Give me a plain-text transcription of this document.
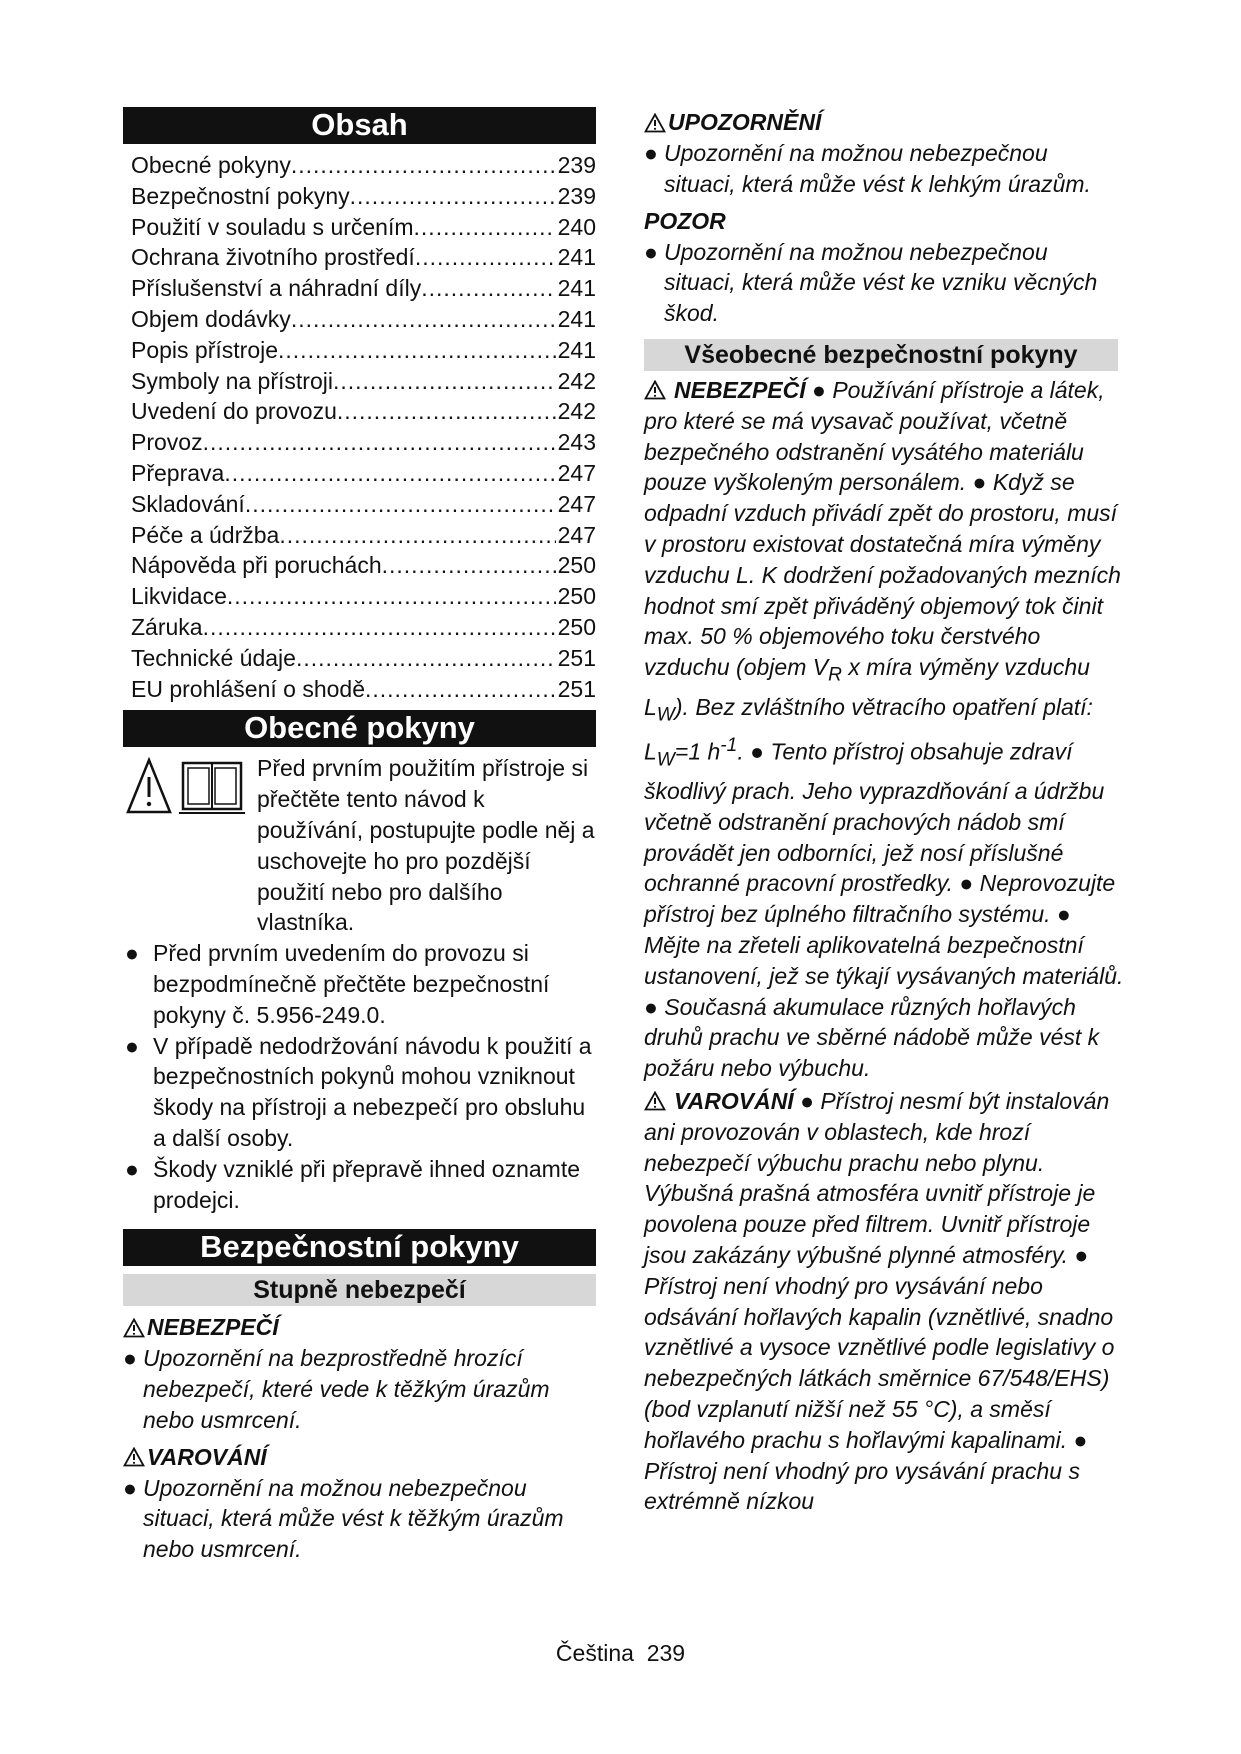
Obsah
Obecné pokyny .....	239
Bezpečnostní pokyny .....	239
Použití v souladu s určením .....	240
Ochrana životního prostředí .....	241
Příslušenství a náhradní díly .....	241
Objem dodávky .....	241
Popis přístroje .....	241
Symboly na přístroji .....	242
Uvedení do provozu .....	242
Provoz .....	243
Přeprava .....	247
Skladování .....	247
Péče a údržba .....	247
Nápověda při poruchách .....	250
Likvidace .....	250
Záruka .....	250
Technické údaje .....	251
EU prohlášení o shodě .....	251
Obecné pokyny
Před prvním použitím přístroje si přečtěte tento návod k používání, postupujte podle něj a uschovejte ho pro pozdější použití nebo pro dalšího vlastníka.
● Před prvním uvedením do provozu si bezpodmínečně přečtěte bezpečnostní pokyny č. 5.956-249.0.
● V případě nedodržování návodu k použití a bezpečnostních pokynů mohou vzniknout škody na přístroji a nebezpečí pro obsluhu a další osoby.
● Škody vzniklé při přepravě ihned oznamte prodejci.
Bezpečnostní pokyny
Stupně nebezpečí
NEBEZPEČÍ
● Upozornění na bezprostředně hrozící nebezpečí, které vede k těžkým úrazům nebo usmrcení.
VAROVÁNÍ
● Upozornění na možnou nebezpečnou situaci, která může vést k těžkým úrazům nebo usmrcení.
UPOZORNĚNÍ
● Upozornění na možnou nebezpečnou situaci, která může vést k lehkým úrazům.
POZOR
● Upozornění na možnou nebezpečnou situaci, která může vést ke vzniku věcných škod.
Všeobecné bezpečnostní pokyny
NEBEZPEČÍ ● Používání přístroje a látek, pro které se má vysavač používat, včetně bezpečného odstranění vysátého materiálu pouze vyškoleným personálem. ● Když se odpadní vzduch přivádí zpět do prostoru, musí v prostoru existovat dostatečná míra výměny vzduchu L. K dodržení požadovaných mezních hodnot smí zpět přiváděný objemový tok činit max. 50 % objemového toku čerstvého vzduchu (objem $V_R$ x míra výměny vzduchu $L_W$). Bez zvláštního větracího opatření platí: $L_W=1$ $h^{-1}$. ● Tento přístroj obsahuje zdraví škodlivý prach. Jeho vyprazdňování a údržbu včetně odstranění prachových nádob smí provádět jen odborníci, jež nosí příslušné ochranné pracovní prostředky. ● Neprovozujte přístroj bez úplného filtračního systému. ● Mějte na zřeteli aplikovatelná bezpečnostní ustanovení, jež se týkají vysávaných materiálů. ● Současná akumulace různých hořlavých druhů prachu ve sběrné nádobě může vést k požáru nebo výbuchu.
VAROVÁNÍ ● Přístroj nesmí být instalován ani provozován v oblastech, kde hrozí nebezpečí výbuchu prachu nebo plynu. Výbušná prašná atmosféra uvnitř přístroje je povolena pouze před filtrem. Uvnitř přístroje jsou zakázány výbušné plynné atmosféry. ● Přístroj není vhodný pro vysávání nebo odsávání hořlavých kapalin (vznětlivé, snadno vznětlivé a vysoce vznětlivé podle legislativy o nebezpečných látkách směrnice 67/548/EHS) (bod vzplanutí nižší než 55 °C), a směsí hořlavého prachu s hořlavými kapalinami. ● Přístroj není vhodný pro vysávání prachu s extrémně nízkou
Čeština 239
